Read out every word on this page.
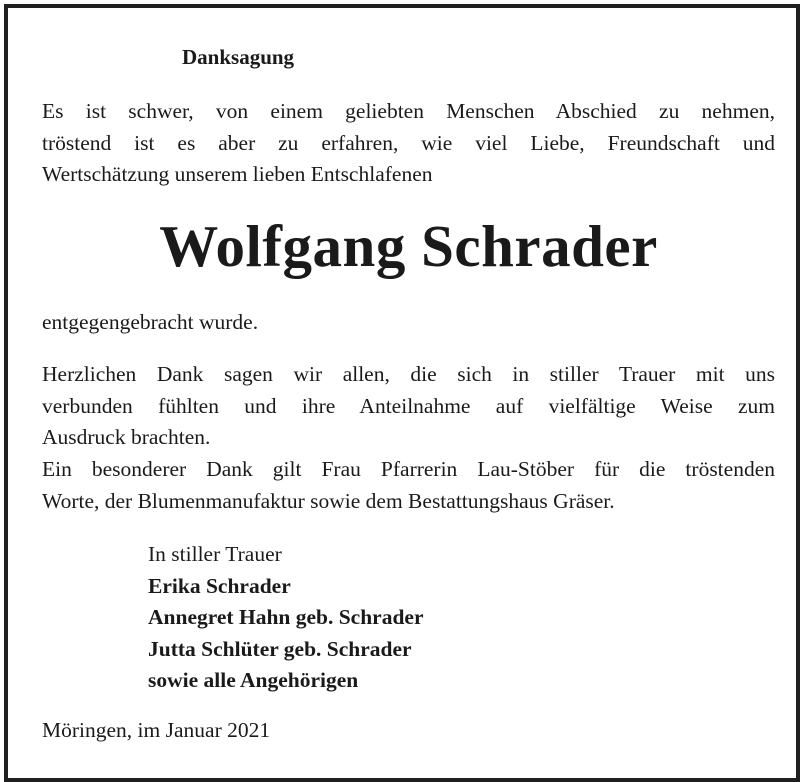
Danksagung
Es ist schwer, von einem geliebten Menschen Abschied zu nehmen,
tröstend ist es aber zu erfahren, wie viel Liebe, Freundschaft und
Wertschätzung unserem lieben Entschlafenen
Wolfgang Schrader
entgegengebracht wurde.
Herzlichen Dank sagen wir allen, die sich in stiller Trauer mit uns
verbunden fühlten und ihre Anteilnahme auf vielfältige Weise zum
Ausdruck brachten.
Ein besonderer Dank gilt Frau Pfarrerin Lau-Stöber für die tröstenden
Worte, der Blumenmanufaktur sowie dem Bestattungshaus Gräser.
In stiller Trauer
Erika Schrader
Annegret Hahn geb. Schrader
Jutta Schlüter geb. Schrader
sowie alle Angehörigen
Möringen, im Januar 2021
